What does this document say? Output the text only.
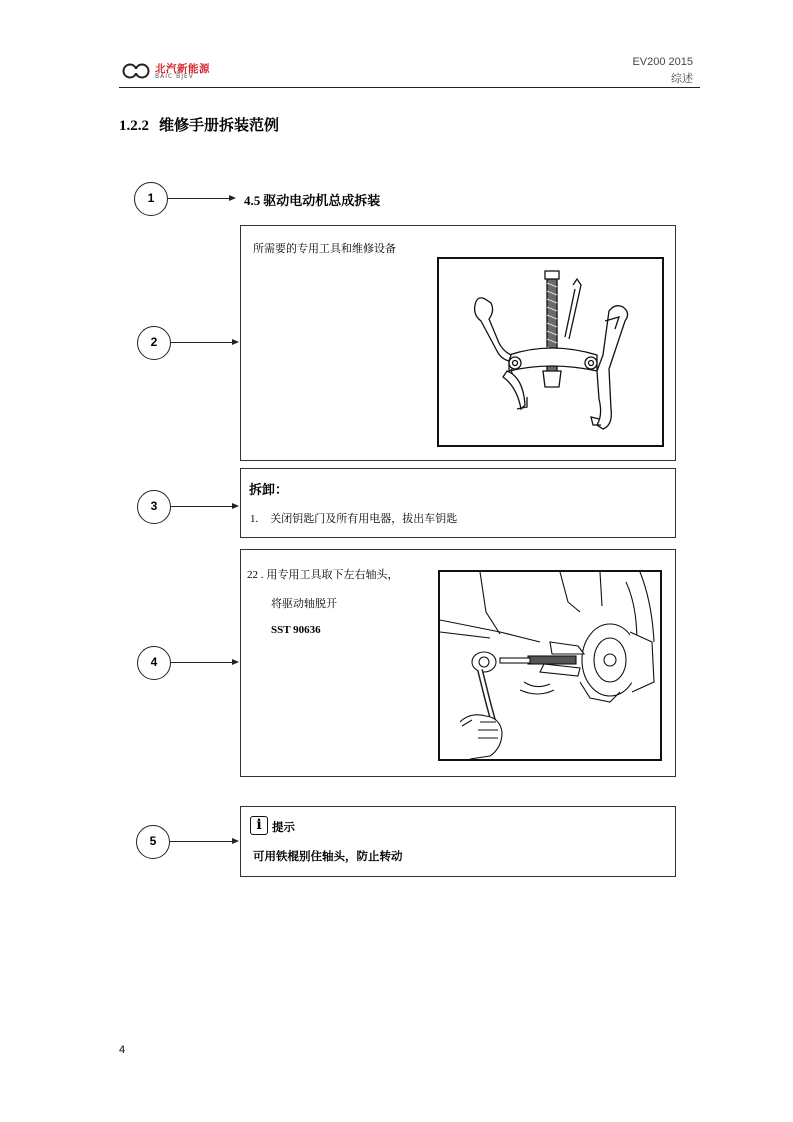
北汽新能源
BAIC BJEV
EV200 2015
综述
1.2.2 维修手册拆装范例
1	4.5 驱动电动机总成拆装
2
所需要的专用工具和维修设备
3
拆卸：
1. 关闭钥匙门及所有用电器，拔出车钥匙
4
22 . 用专用工具取下左右轴头，
将驱动轴脱开
SST 90636
5
i 提示
可用铁棍别住轴头，防止转动
4
